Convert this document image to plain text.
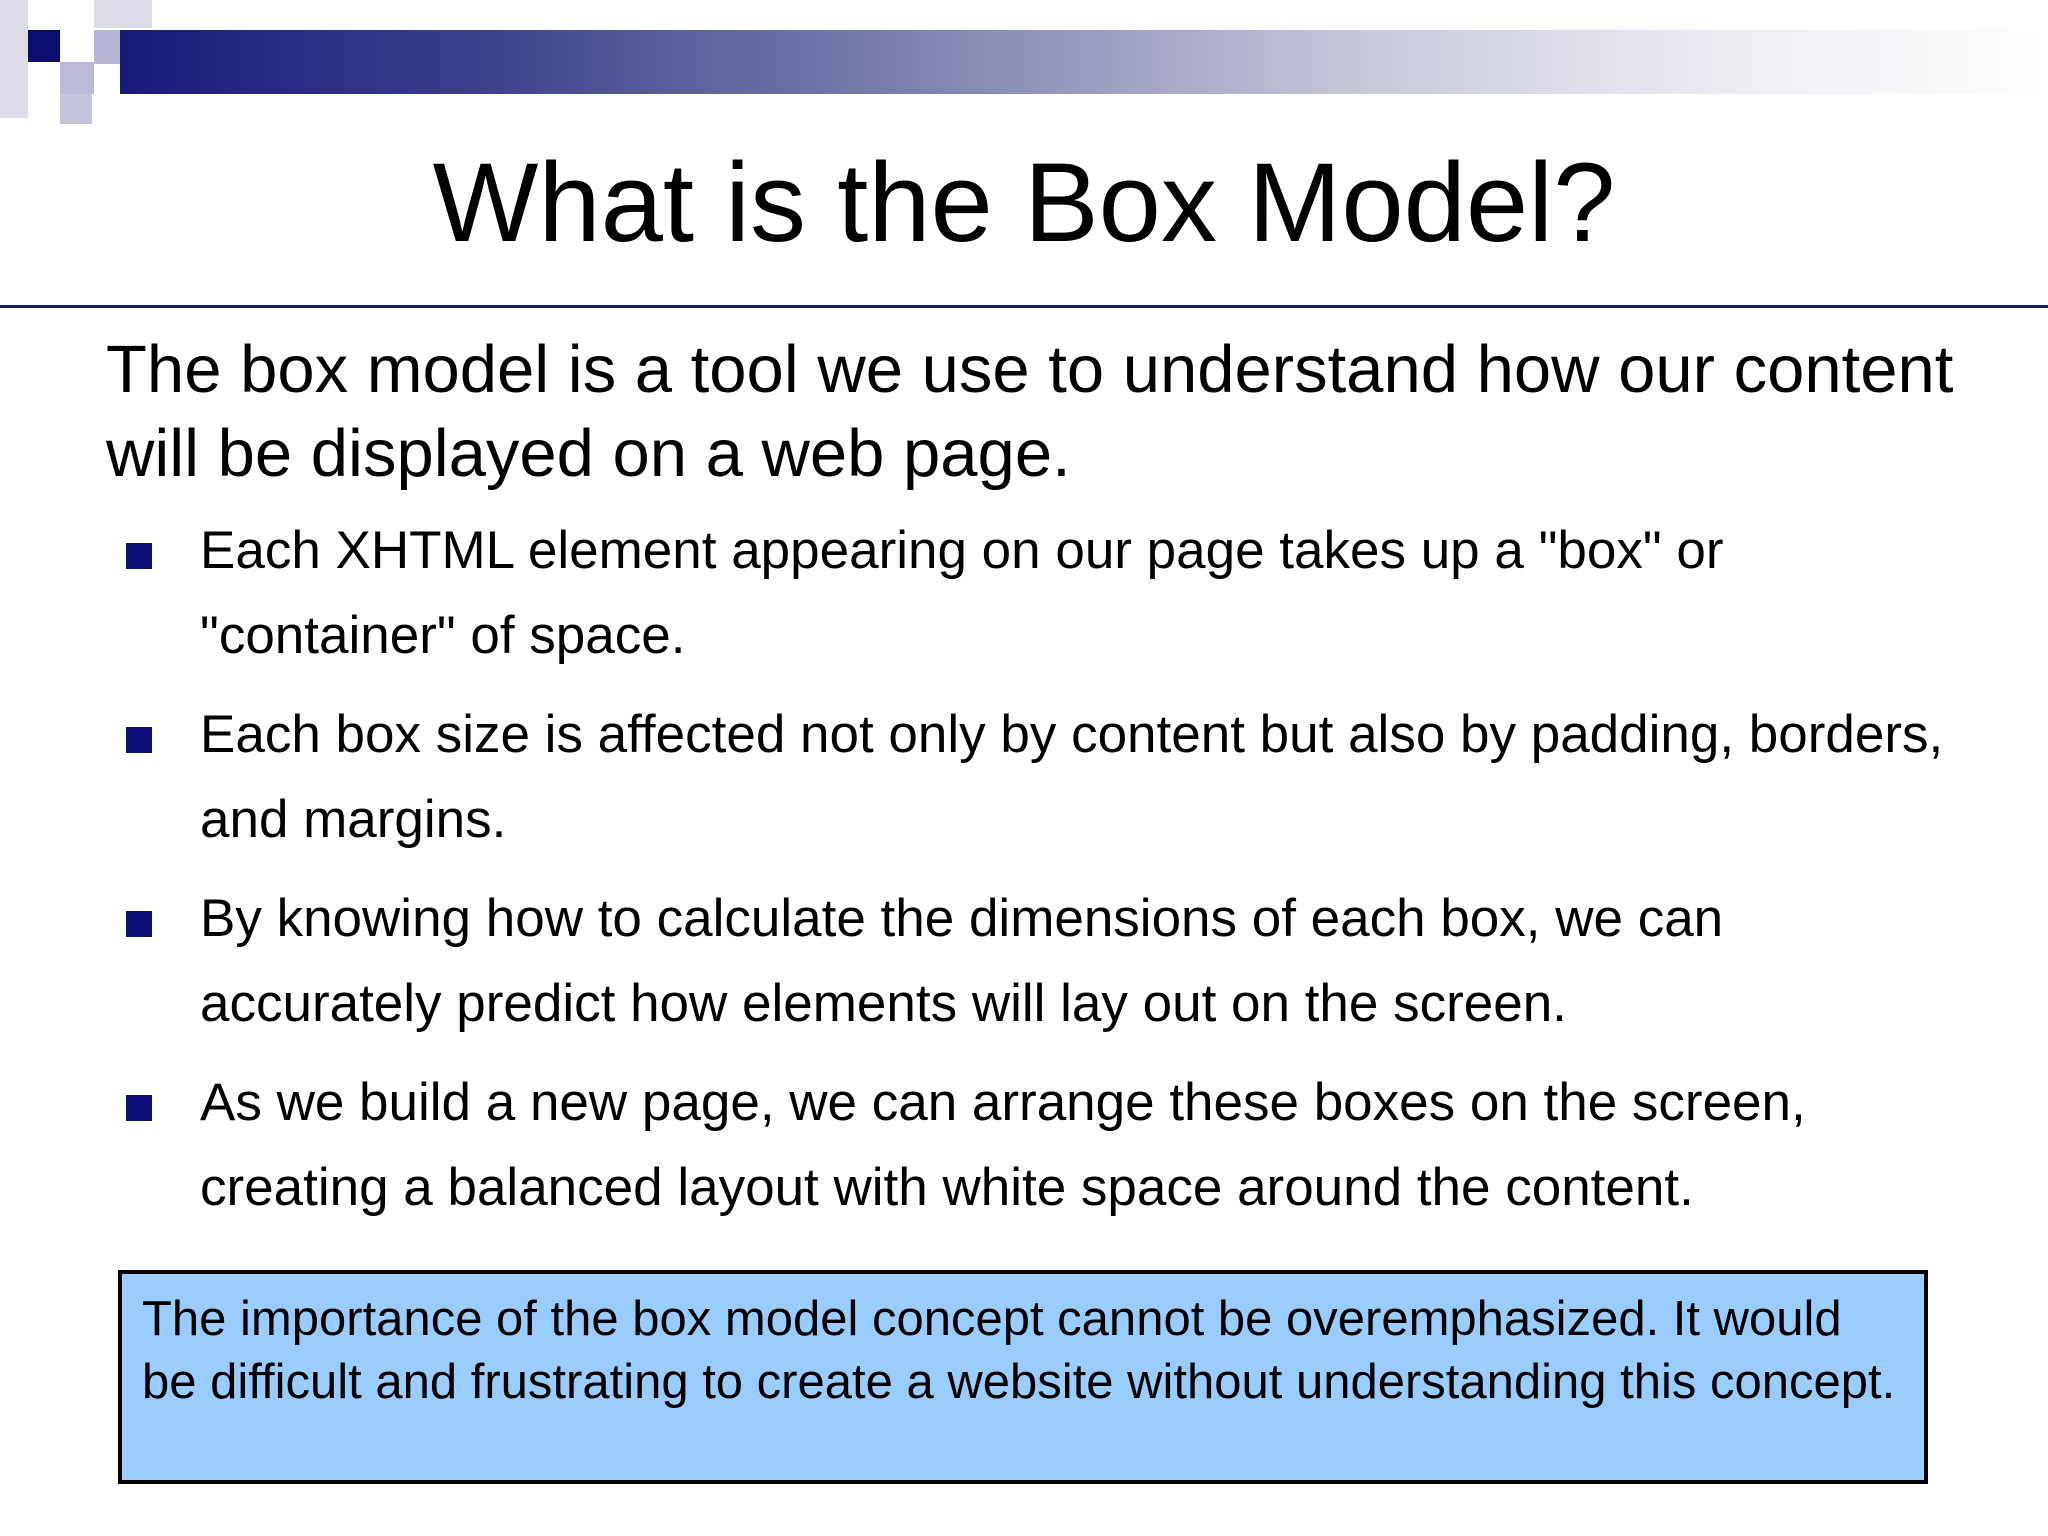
What is the Box Model?

The box model is a tool we use to understand how our content will be displayed on a web page.

Each XHTML element appearing on our page takes up a "box" or "container" of space.
Each box size is affected not only by content but also by padding, borders, and margins.
By knowing how to calculate the dimensions of each box, we can accurately predict how elements will lay out on the screen.
As we build a new page, we can arrange these boxes on the screen, creating a balanced layout with white space around the content.
The importance of the box model concept cannot be overemphasized. It would be difficult and frustrating to create a website without understanding this concept.
